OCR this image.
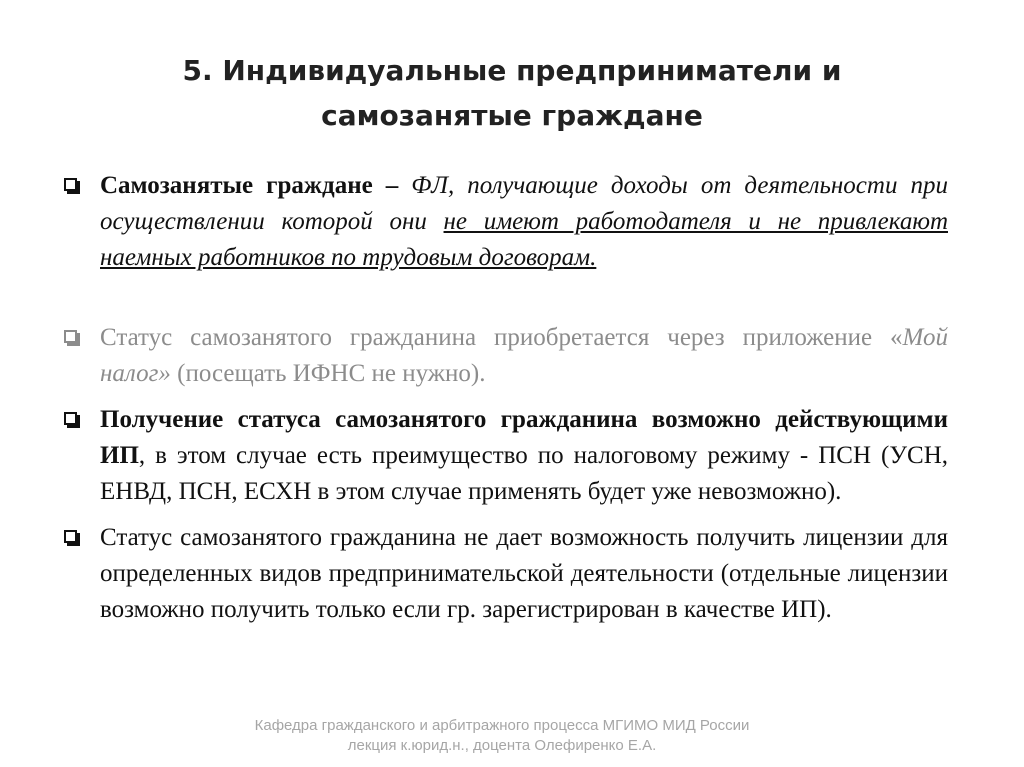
5. Индивидуальные предприниматели и
самозанятые граждане
Самозанятые граждане – ФЛ, получающие доходы от деятельности при осуществлении которой они не имеют работодателя и не привлекают наемных работников по трудовым договорам.
Статус самозанятого гражданина приобретается через приложение «Мой налог» (посещать ИФНС не нужно).
Получение статуса самозанятого гражданина возможно действующими ИП, в этом случае есть преимущество по налоговому режиму - ПСН (УСН, ЕНВД, ПСН, ЕСХН в этом случае применять будет уже невозможно).
Статус самозанятого гражданина не дает возможность получить лицензии для определенных видов предпринимательской деятельности (отдельные лицензии возможно получить только если гр. зарегистрирован в качестве ИП).
Кафедра гражданского и арбитражного процесса МГИМО МИД России
лекция к.юрид.н., доцента Олефиренко Е.А.
